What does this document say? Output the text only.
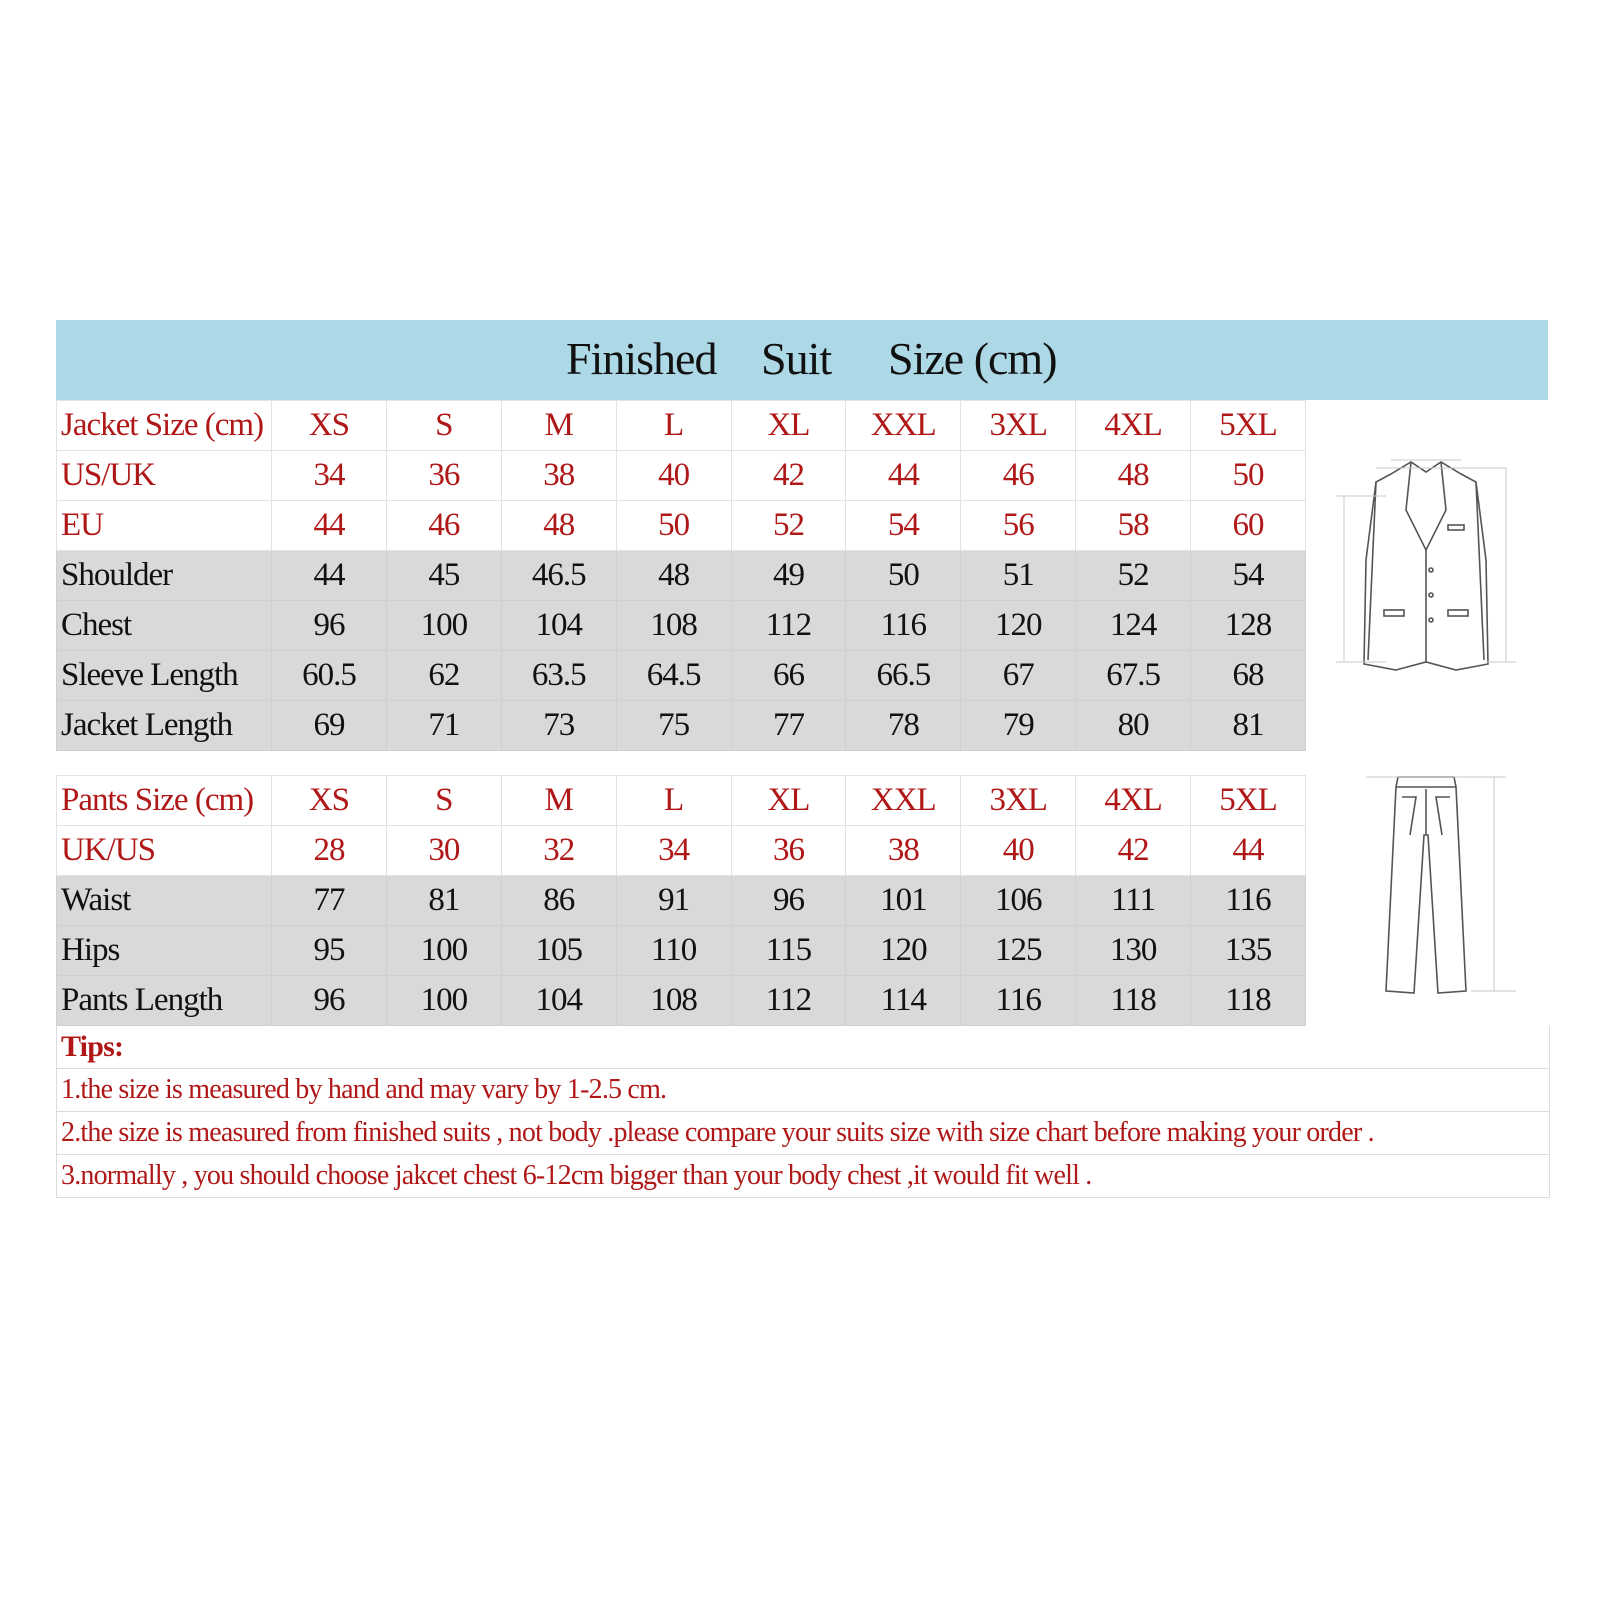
Finished Suit Size (cm)
Jacket Size (cm)	XS	S	M	L	XL	XXL	3XL	4XL	5XL
US/UK	34	36	38	40	42	44	46	48	50
EU	44	46	48	50	52	54	56	58	60
Shoulder	44	45	46.5	48	49	50	51	52	54
Chest	96	100	104	108	112	116	120	124	128
Sleeve Length	60.5	62	63.5	64.5	66	66.5	67	67.5	68
Jacket Length	69	71	73	75	77	78	79	80	81
Pants Size (cm)	XS	S	M	L	XL	XXL	3XL	4XL	5XL
UK/US	28	30	32	34	36	38	40	42	44
Waist	77	81	86	91	96	101	106	111	116
Hips	95	100	105	110	115	120	125	130	135
Pants Length	96	100	104	108	112	114	116	118	118
Tips:
1.the size is measured by hand and may vary by 1-2.5 cm.
2.the size is measured from finished suits , not body .please compare your suits size with size chart before making your order .
3.normally , you should choose jakcet chest 6-12cm bigger than your body chest ,it would fit well .
